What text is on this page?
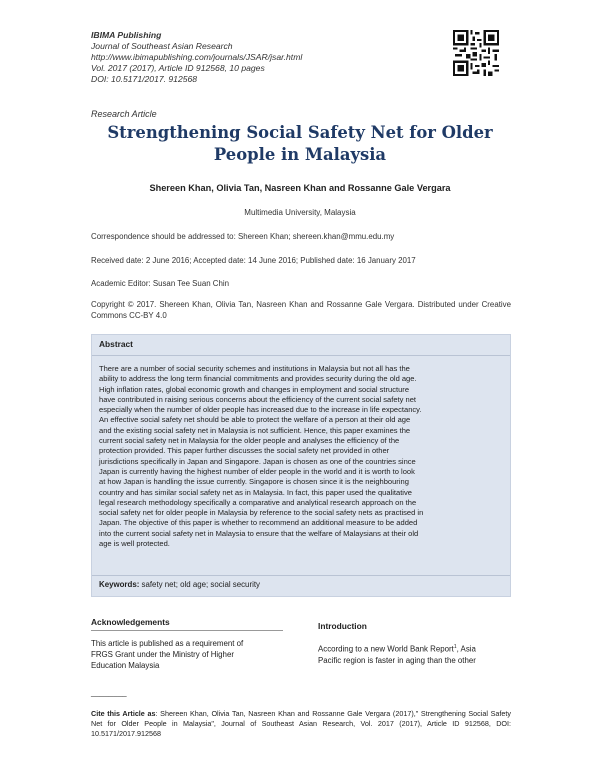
IBIMA Publishing
Journal of Southeast Asian Research
http://www.ibimapublishing.com/journals/JSAR/jsar.html
Vol. 2017 (2017), Article ID 912568, 10 pages
DOI: 10.5171/2017. 912568
Research Article
Strengthening Social Safety Net for Older
People in Malaysia
Shereen Khan, Olivia Tan, Nasreen Khan and Rossanne Gale Vergara
Multimedia University, Malaysia
Correspondence should be addressed to: Shereen Khan; shereen.khan@mmu.edu.my
Received date: 2 June 2016; Accepted date: 14 June 2016; Published date: 16 January 2017
Academic Editor: Susan Tee Suan Chin
Copyright © 2017. Shereen Khan, Olivia Tan, Nasreen Khan and Rossanne Gale Vergara. Distributed under Creative Commons CC-BY 4.0
Abstract
There are a number of social security schemes and institutions in Malaysia but not all has the
ability to address the long term financial commitments and provides security during the old age.
High inflation rates, global economic growth and changes in employment and social structure
have contributed in raising serious concerns about the efficiency of the current social safety net
especially when the number of older people has increased due to the increase in life expectancy.
An effective social safety net should be able to protect the welfare of a person at their old age
and the existing social safety net in Malaysia is not sufficient. Hence, this paper examines the
current social safety net in Malaysia for the older people and analyses the efficiency of the
protection provided. This paper further discusses the social safety net provided in other
jurisdictions specifically in Japan and Singapore. Japan is chosen as one of the countries since
Japan is currently having the highest number of elder people in the world and it is worth to look
at how Japan is handling the issue currently. Singapore is chosen since it is the neighbouring
country and has similar social safety net as in Malaysia. In fact, this paper used the qualitative
legal research methodology specifically a comparative and analytical research approach on the
social safety net for older people in Malaysia by reference to the social safety nets as practised in
Japan. The objective of this paper is whether to recommend an additional measure to be added
into the current social safety net in Malaysia to ensure that the welfare of Malaysians at their old
age is well protected.
Keywords: safety net; old age; social security
Acknowledgements
This article is published as a requirement of
FRGS Grant under the Ministry of Higher
Education Malaysia
Introduction
According to a new World Bank Report$^1$, Asia
Pacific region is faster in aging than the other
________
Cite this Article as: Shereen Khan, Olivia Tan, Nasreen Khan and Rossanne Gale Vergara (2017)," Strengthening Social Safety Net for Older People in Malaysia", Journal of Southeast Asian Research, Vol. 2017 (2017), Article ID 912568, DOI: 10.5171/2017.912568
